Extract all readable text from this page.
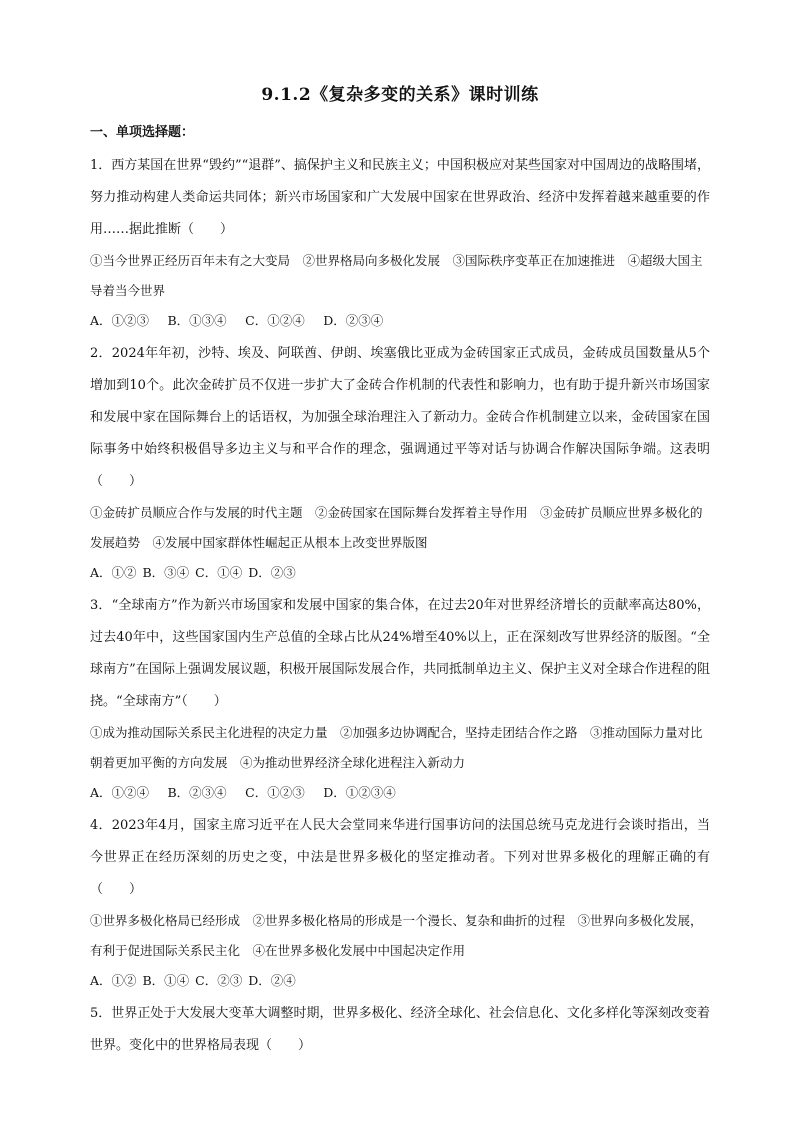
9.1.2《复杂多变的关系》课时训练
一、单项选择题：

1．西方某国在世界“毁约”“退群”、搞保护主义和民族主义；中国积极应对某些国家对中国周边的战略围堵，努力推动构建人类命运共同体；新兴市场国家和广大发展中国家在世界政治、经济中发挥着越来越重要的作用……据此推断（　　）

①当今世界正经历百年未有之大变局　②世界格局向多极化发展　③国际秩序变革正在加速推进　④超级大国主导着当今世界

A．①②③　 B．①③④　 C．①②④　 D．②③④

2．2024年年初，沙特、埃及、阿联酋、伊朗、埃塞俄比亚成为金砖国家正式成员，金砖成员国数量从5个增加到10个。此次金砖扩员不仅进一步扩大了金砖合作机制的代表性和影响力，也有助于提升新兴市场国家和发展中家在国际舞台上的话语权，为加强全球治理注入了新动力。金砖合作机制建立以来，金砖国家在国际事务中始终积极倡导多边主义与和平合作的理念，强调通过平等对话与协调合作解决国际争端。这表明（　　）

①金砖扩员顺应合作与发展的时代主题　②金砖国家在国际舞台发挥着主导作用　③金砖扩员顺应世界多极化的发展趋势　④发展中国家群体性崛起正从根本上改变世界版图

A．①② B．③④ C．①④ D．②③

3．“全球南方”作为新兴市场国家和发展中国家的集合体，在过去20年对世界经济增长的贡献率高达80%，过去40年中，这些国家国内生产总值的全球占比从24%增至40%以上，正在深刻改写世界经济的版图。“全球南方”在国际上强调发展议题，积极开展国际发展合作，共同抵制单边主义、保护主义对全球合作进程的阻挠。“全球南方”（　　）

①成为推动国际关系民主化进程的决定力量　②加强多边协调配合，坚持走团结合作之路　③推动国际力量对比朝着更加平衡的方向发展　④为推动世界经济全球化进程注入新动力

A．①②④　 B．②③④　 C．①②③　 D．①②③④

4．2023年4月，国家主席习近平在人民大会堂同来华进行国事访问的法国总统马克龙进行会谈时指出，当今世界正在经历深刻的历史之变，中法是世界多极化的坚定推动者。下列对世界多极化的理解正确的有（　　）

①世界多极化格局已经形成　②世界多极化格局的形成是一个漫长、复杂和曲折的过程　③世界向多极化发展，有利于促进国际关系民主化　④在世界多极化发展中中国起决定作用

A．①② B．①④ C．②③ D．②④

5．世界正处于大发展大变革大调整时期，世界多极化、经济全球化、社会信息化、文化多样化等深刻改变着世界。变化中的世界格局表现（　　）
